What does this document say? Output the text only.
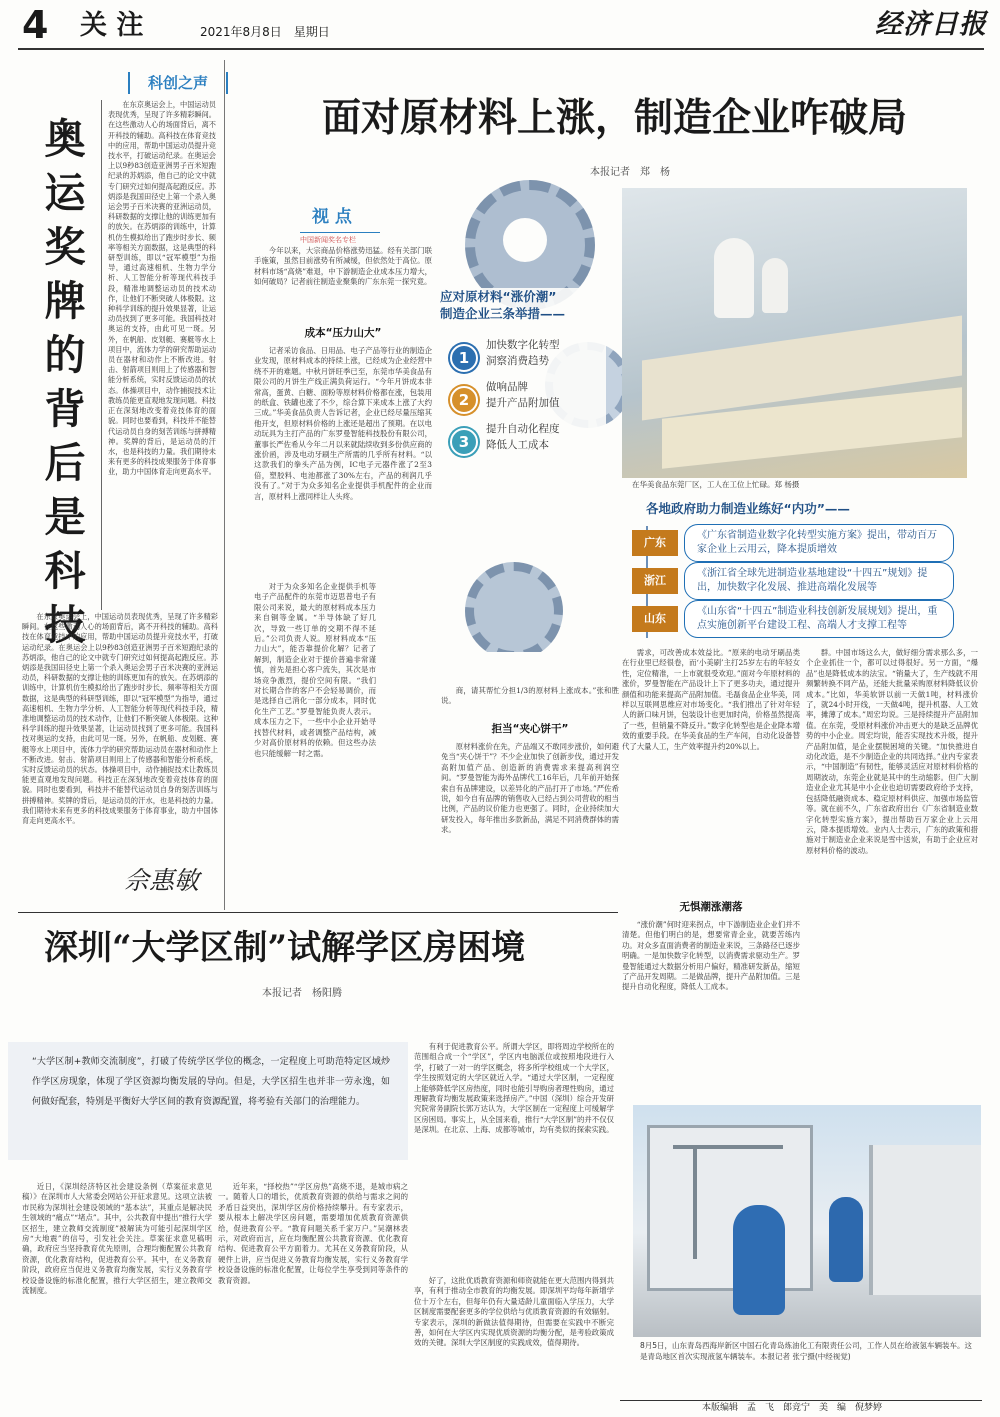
4 关 注	2021年8月8日　星期日	经济日报
科创之声
奥运奖牌的背后是科技

在东京奥运会上，中国运动员表现优秀，呈现了许多精彩瞬间。在这些激动人心的场面背后，离不开科技的辅助。高科技在体育竞技中的应用，帮助中国运动员提升竞技水平，打破运动纪录。在奥运会上以9秒83创造亚洲男子百米短跑纪录的苏炳添，他自己的论文中就专门研究过如何提高起跑反应。苏炳添是我国田径史上第一个杀入奥运会男子百米决赛的亚洲运动员，科研数据的支撑让他的训练更加有的放矢。在苏炳添的训练中，计算机仿生模拟给出了跑步时步长、频率等相关方面数据，这是典型的科研型训练，即以“冠军模型”为指导，通过高速相机、生物力学分析、人工智能分析等现代科技手段，精准地调整运动员的技术动作，让他们不断突破人体极限。这种科学训练的提升效果显著，让运动员找到了更多可能。我国科技对奥运的支持，由此可见一斑。另外，在帆船、皮划艇、赛艇等水上项目中，流体力学的研究帮助运动员在器材和动作上不断改进。射击、射箭项目则用上了传感器和智能分析系统，实时反馈运动员的状态。体操项目中，动作捕捉技术让教练员能更直观地发现问题。科技正在深刻地改变着竞技体育的面貌。同时也要看到，科技并不能替代运动员自身的刻苦训练与拼搏精神。奖牌的背后，是运动员的汗水，也是科技的力量。我们期待未来有更多的科技成果服务于体育事业，助力中国体育走向更高水平。

在东京奥运会上，中国运动员表现优秀，呈现了许多精彩瞬间。在这些激动人心的场面背后，离不开科技的辅助。高科技在体育竞技中的应用，帮助中国运动员提升竞技水平，打破运动纪录。在奥运会上以9秒83创造亚洲男子百米短跑纪录的苏炳添，他自己的论文中就专门研究过如何提高起跑反应。苏炳添是我国田径史上第一个杀入奥运会男子百米决赛的亚洲运动员，科研数据的支撑让他的训练更加有的放矢。在苏炳添的训练中，计算机仿生模拟给出了跑步时步长、频率等相关方面数据，这是典型的科研型训练，即以“冠军模型”为指导，通过高速相机、生物力学分析、人工智能分析等现代科技手段，精准地调整运动员的技术动作，让他们不断突破人体极限。这种科学训练的提升效果显著，让运动员找到了更多可能。我国科技对奥运的支持，由此可见一斑。另外，在帆船、皮划艇、赛艇等水上项目中，流体力学的研究帮助运动员在器材和动作上不断改进。射击、射箭项目则用上了传感器和智能分析系统，实时反馈运动员的状态。体操项目中，动作捕捉技术让教练员能更直观地发现问题。科技正在深刻地改变着竞技体育的面貌。同时也要看到，科技并不能替代运动员自身的刻苦训练与拼搏精神。奖牌的背后，是运动员的汗水，也是科技的力量。我们期待未来有更多的科技成果服务于体育事业，助力中国体育走向更高水平。

佘惠敏
面对原材料上涨，制造企业咋破局
本报记者　郑　杨
视 点
中国新闻奖名专栏

今年以来，大宗商品价格涨势迅猛。经有关部门联手施策，虽然目前涨势有所减缓，但依然处于高位。原材料市场“高烧”难退，中下游制造企业成本压力增大，如何破局？记者前往制造业聚集的广东东莞一探究竟。

成本“压力山大”

记者采访食品、日用品、电子产品等行业的制造企业发现，原材料成本的持续上涨，已经成为企业经营中绕不开的难题。中秋月饼旺季已至，东莞市华美食品有限公司的月饼生产线正满负荷运行。“今年月饼成本非常高，蛋黄、白糖、面粉等原材料价格都在涨，包装用的纸盒、铁罐也涨了不少，综合算下来成本上涨了大约三成。”华美食品负责人告诉记者，企业已经尽量压缩其他开支，但原材料价格的上涨还是超出了预期。在以电动玩具为主打产品的广东罗曼智能科技股份有限公司，董事长严佐希从今年二月以来就陆续收到多份供应商的涨价函，涉及电动牙刷生产所需的几乎所有材料。“以这款我们的拳头产品为例，IC电子元器件涨了2至3倍，塑胶料、电池都涨了30%左右，产品的利润几乎没有了。”对于为众多知名企业提供手机配件的企业而言，原材料上涨同样让人头疼。

对于为众多知名企业提供手机等电子产品配件的东莞市迈思普电子有限公司来说，最大的原材料成本压力来自铜等金属。“半导体缺了好几次，导致一些订单的交期不得不延后。”公司负责人说。原材料成本“压力山大”，能否靠提价化解？记者了解到，制造企业对于提价普遍非常谨慎，首先是担心客户流失，其次是市场竞争激烈，提价空间有限。“我们对长期合作的客户不会轻易调价，而是选择自己消化一部分成本，同时优化生产工艺。”罗曼智能负责人表示。成本压力之下，一些中小企业开始寻找替代材料，或者调整产品结构，减少对高价原材料的依赖。但这些办法也只能缓解一时之需。

商，请其帮忙分担1/3的原材料上涨成本。”张和胜说。

拒当“夹心饼干”

原材料涨价在先，产品端又不敢同步涨价，如何避免当“夹心饼干”？不少企业加快了创新步伐，通过开发高附加值产品、创造新的消费需求来提高利润空间。“罗曼智能为海外品牌代工16年后，几年前开始探索自有品牌建设，以差异化的产品打开了市场。”严佐希说，如今自有品牌的销售收入已经占到公司营收的相当比例，产品的议价能力也更强了。同时，企业持续加大研发投入，每年推出多款新品，满足不同消费群体的需求。

需求，可改善成本效益比。“原来的电动牙刷品类在行业里已经很卷，而‘小美刷’主打25岁左右的年轻女性，定位精准，一上市就很受欢迎。”面对今年原材料的涨价，罗曼智能在产品设计上下了更多功夫，通过提升颜值和功能来提高产品附加值。毛磊食品企业华美，同样以互联网思维应对市场变化。“我们推出了针对年轻人的新口味月饼，包装设计也更加时尚，价格虽然提高了一些，但销量不降反升。”数字化转型也是企业降本增效的重要手段。在华美食品的生产车间，自动化设备替代了大量人工，生产效率提升约20%以上。

群。中国市场这么大，做好细分需求那么多，一个企业抓住一个，都可以过得很好。另一方面，“爆品”也是降低成本的法宝。“销量大了，生产线就不用频繁转换不同产品，还能大批量采购原材料降低议价成本。”比如，华美软饼以前一天做1吨，材料涨价了，就24小时开线，一天做4吨，提升机器、人工效率，摊薄了成本。”周宏均说。三是持续提升产品附加值。在东莞，受原材料涨价冲击更大的是缺乏品牌优势的中小企业。周宏均说，能否实现技术升级，提升产品附加值，是企业摆脱困境的关键。“加快推进自动化改造，是不少制造企业的共同选择。”业内专家表示，“中国制造”有韧性，能够灵活应对原材料价格的周期波动，东莞企业就是其中的生动缩影。但广大制造业企业尤其是中小企业也迫切需要政府给予支持，包括降低融资成本、稳定原材料供应、加强市场监管等。就在前不久，广东省政府出台《广东省制造业数字化转型实施方案》，提出帮助百万家企业上云用云，降本提质增效。业内人士表示，广东的政策和措施对于制造业企业来说是雪中送炭，有助于企业应对原材料价格的波动。

无惧潮涨潮落

“涨价潮”何时迎来拐点，中下游制造业企业们并不清楚。但他们明白的是，想要常青企业，就要苦练内功。对众多直面消费者的制造业来说，三条路径已逐步明确。一是加快数字化转型，以消费需求驱动生产。罗曼智能通过大数据分析用户偏好，精准研发新品，缩短了产品开发周期。二是做品牌，提升产品附加值。三是提升自动化程度，降低人工成本。

应对原材料“涨价潮”
制造企业三条举措——
1
加快数字化转型
洞察消费趋势
2
做响品牌
提升产品附加值
3
提升自动化程度
降低人工成本
在华美食品东莞厂区，工人在工位上忙碌。郑 杨摄
各地政府助力制造业练好“内功”——
广东
《广东省制造业数字化转型实施方案》提出，带动百万家企业上云用云，降本提质增效
浙江
《浙江省全球先进制造业基地建设“十四五”规划》提出，加快数字化发展、推进高端化发展等
山东
《山东省“十四五”制造业科技创新发展规划》提出，重点实施创新平台建设工程、高端人才支撑工程等
深圳“大学区制”试解学区房困境
本报记者　杨阳腾
“大学区制+教师交流制度”，打破了传统学区学位的概念，一定程度上可助范特定区域炒作学区房现象，体现了学区资源均衡发展的导向。但是，大学区招生也并非一劳永逸，如何做好配套，特别是平衡好大学区间的教育资源配置，将考验有关部门的治理能力。

近日，《深圳经济特区社会建设条例（草案征求意见稿）》在深圳市人大常委会网站公开征求意见。这项立法被市民称为深圳社会建设领域的“基本法”，其重点是解决民生领域的“痛点”“堵点”。其中，公共教育中提出“推行大学区招生，建立教师交流制度”被解读为可能引起深圳学区房“大地震”的信号，引发社会关注。草案征求意见稿明确，政府应当坚持教育优先原则，合理均衡配置公共教育资源，优化教育结构，促进教育公平。其中，在义务教育阶段，政府应当促进义务教育均衡发展，实行义务教育学校设备设施的标准化配置，推行大学区招生，建立教师交流制度。

近年来，“择校热”“学区房热”高烧不退，是城市病之一。随着人口的增长，优质教育资源的供给与需求之间的矛盾日益突出，深圳学区房价格持续攀升。有专家表示，要从根本上解决学区房问题，需要增加优质教育资源供给，促进教育公平。“教育问题关系千家万户。”吴潮林表示，对政府而言，应在均衡配置公共教育资源、优化教育结构、促进教育公平方面着力。尤其在义务教育阶段，从硬件上讲，应当促进义务教育均衡发展，实行义务教育学校设备设施的标准化配置，让每位学生享受到同等条件的教育资源。

有利于促进教育公平。所谓大学区，即将周边学校所在的范围组合成一个“学区”，学区内电脑派位或按照地段进行入学，打破了一对一的学区概念，将多所学校组成一个大学区，学生按照划定的大学区就近入学。“通过大学区制，一定程度上能够降低学区房热度，同时也能引导购房者理性购房，通过理解教育均衡发展政策来选择房产。”中国（深圳）综合开发研究院常务副院长郭万达认为，大学区制在一定程度上可缓解学区房困局。事实上，从全国来看，推行“大学区制”的并不仅仅是深圳。在北京、上海、成都等城市，均有类似的探索实践。

好了，这批优质教育资源和师资就能在更大范围内得到共享，有利于推动全市教育的均衡发展。即深圳平均每年新增学位十万个左右，但每年仍有大量适龄儿童面临入学压力，大学区制度需要配套更多的学位供给与优质教育资源的有效辐射。专家表示，深圳的新做法值得期待，但需要在实践中不断完善，如何在大学区内实现优质资源的均衡分配，是考验政策成效的关键。深圳大学区制度的实践成效，值得期待。	8月5日，山东青岛西海岸新区中国石化青岛炼油化工有限责任公司，工作人员在给液氢车辆装车。这是青岛地区首次实现液氢车辆装车。本报记者 张宁摄(中经视觉)
本版编辑　孟　飞　郎竞宁　美　编　倪梦婷
